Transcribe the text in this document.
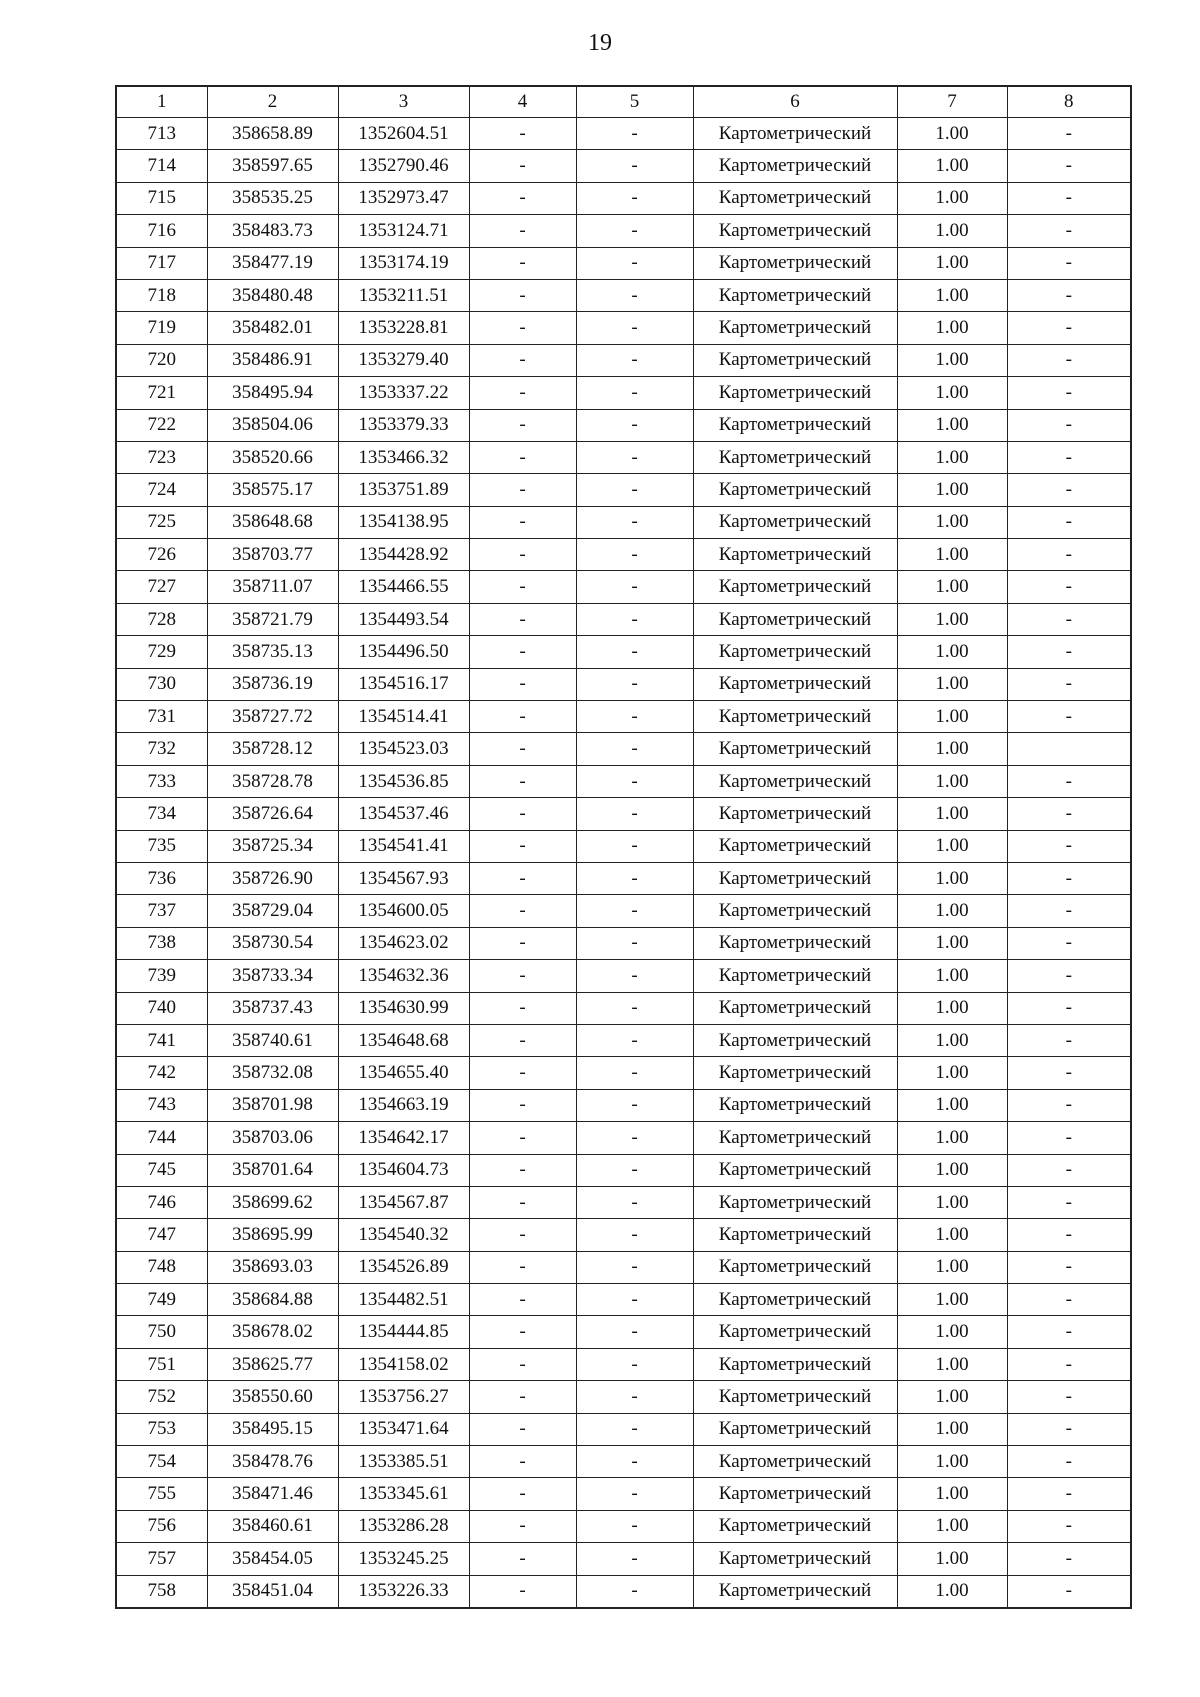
19
1	2	3	4	5	6	7	8
713	358658.89	1352604.51	-	-	Картометрический	1.00	-
714	358597.65	1352790.46	-	-	Картометрический	1.00	-
715	358535.25	1352973.47	-	-	Картометрический	1.00	-
716	358483.73	1353124.71	-	-	Картометрический	1.00	-
717	358477.19	1353174.19	-	-	Картометрический	1.00	-
718	358480.48	1353211.51	-	-	Картометрический	1.00	-
719	358482.01	1353228.81	-	-	Картометрический	1.00	-
720	358486.91	1353279.40	-	-	Картометрический	1.00	-
721	358495.94	1353337.22	-	-	Картометрический	1.00	-
722	358504.06	1353379.33	-	-	Картометрический	1.00	-
723	358520.66	1353466.32	-	-	Картометрический	1.00	-
724	358575.17	1353751.89	-	-	Картометрический	1.00	-
725	358648.68	1354138.95	-	-	Картометрический	1.00	-
726	358703.77	1354428.92	-	-	Картометрический	1.00	-
727	358711.07	1354466.55	-	-	Картометрический	1.00	-
728	358721.79	1354493.54	-	-	Картометрический	1.00	-
729	358735.13	1354496.50	-	-	Картометрический	1.00	-
730	358736.19	1354516.17	-	-	Картометрический	1.00	-
731	358727.72	1354514.41	-	-	Картометрический	1.00	-
732	358728.12	1354523.03	-	-	Картометрический	1.00	
733	358728.78	1354536.85	-	-	Картометрический	1.00	-
734	358726.64	1354537.46	-	-	Картометрический	1.00	-
735	358725.34	1354541.41	-	-	Картометрический	1.00	-
736	358726.90	1354567.93	-	-	Картометрический	1.00	-
737	358729.04	1354600.05	-	-	Картометрический	1.00	-
738	358730.54	1354623.02	-	-	Картометрический	1.00	-
739	358733.34	1354632.36	-	-	Картометрический	1.00	-
740	358737.43	1354630.99	-	-	Картометрический	1.00	-
741	358740.61	1354648.68	-	-	Картометрический	1.00	-
742	358732.08	1354655.40	-	-	Картометрический	1.00	-
743	358701.98	1354663.19	-	-	Картометрический	1.00	-
744	358703.06	1354642.17	-	-	Картометрический	1.00	-
745	358701.64	1354604.73	-	-	Картометрический	1.00	-
746	358699.62	1354567.87	-	-	Картометрический	1.00	-
747	358695.99	1354540.32	-	-	Картометрический	1.00	-
748	358693.03	1354526.89	-	-	Картометрический	1.00	-
749	358684.88	1354482.51	-	-	Картометрический	1.00	-
750	358678.02	1354444.85	-	-	Картометрический	1.00	-
751	358625.77	1354158.02	-	-	Картометрический	1.00	-
752	358550.60	1353756.27	-	-	Картометрический	1.00	-
753	358495.15	1353471.64	-	-	Картометрический	1.00	-
754	358478.76	1353385.51	-	-	Картометрический	1.00	-
755	358471.46	1353345.61	-	-	Картометрический	1.00	-
756	358460.61	1353286.28	-	-	Картометрический	1.00	-
757	358454.05	1353245.25	-	-	Картометрический	1.00	-
758	358451.04	1353226.33	-	-	Картометрический	1.00	-
